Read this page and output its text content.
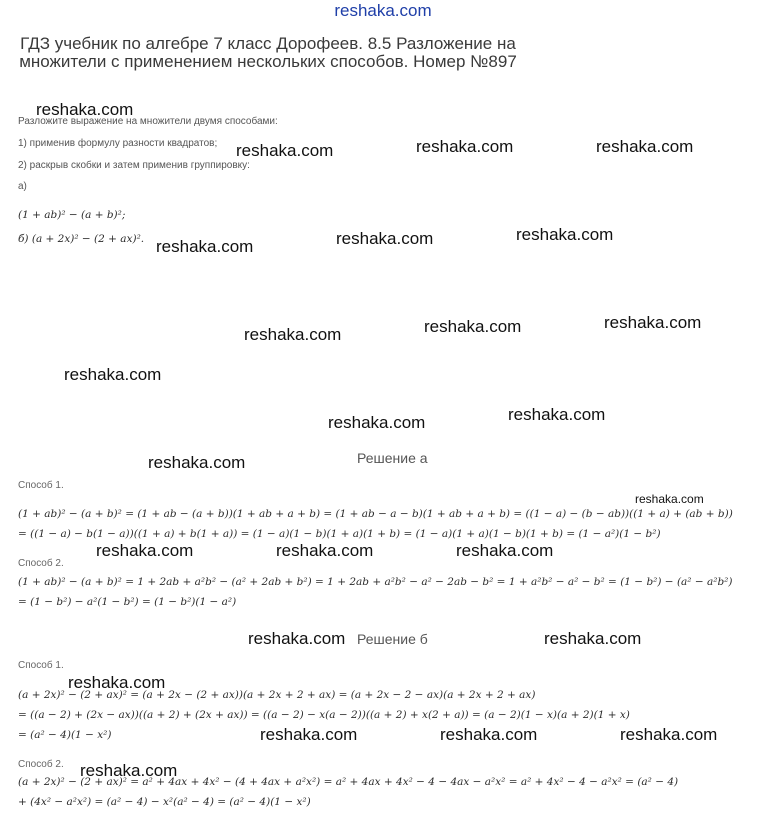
reshaka.com
ГДЗ учебник по алгебре 7 класс Дорофеев. 8.5 Разложение на множители с применением нескольких способов. Номер №897
Разложите выражение на множители двумя способами:
1) применив формулу разности квадратов;
2) раскрыв скобки и затем применив группировку:
а)
(1 + ab)² − (a + b)²;
б) (a + 2x)² − (2 + ax)².
Решение а
Способ 1.
(1 + ab)² − (a + b)² = (1 + ab − (a + b))(1 + ab + a + b) = (1 + ab − a − b)(1 + ab + a + b) = ((1 − a) − (b − ab))((1 + a) + (ab + b))
= ((1 − a) − b(1 − a))((1 + a) + b(1 + a)) = (1 − a)(1 − b)(1 + a)(1 + b) = (1 − a)(1 + a)(1 − b)(1 + b) = (1 − a²)(1 − b²)
Способ 2.
(1 + ab)² − (a + b)² = 1 + 2ab + a²b² − (a² + 2ab + b²) = 1 + 2ab + a²b² − a² − 2ab − b² = 1 + a²b² − a² − b² = (1 − b²) − (a² − a²b²)
= (1 − b²) − a²(1 − b²) = (1 − b²)(1 − a²)
Решение б
Способ 1.
(a + 2x)² − (2 + ax)² = (a + 2x − (2 + ax))(a + 2x + 2 + ax) = (a + 2x − 2 − ax)(a + 2x + 2 + ax)
= ((a − 2) + (2x − ax))((a + 2) + (2x + ax)) = ((a − 2) − x(a − 2))((a + 2) + x(2 + a)) = (a − 2)(1 − x)(a + 2)(1 + x)
= (a² − 4)(1 − x²)
Способ 2.
(a + 2x)² − (2 + ax)² = a² + 4ax + 4x² − (4 + 4ax + a²x²) = a² + 4ax + 4x² − 4 − 4ax − a²x² = a² + 4x² − 4 − a²x² = (a² − 4)
+ (4x² − a²x²) = (a² − 4) − x²(a² − 4) = (a² − 4)(1 − x²)
reshaka.com
reshaka.com	reshaka.com	reshaka.com
reshaka.com	reshaka.com	reshaka.com
reshaka.com	reshaka.com	reshaka.com
reshaka.com
reshaka.com	reshaka.com
reshaka.com
reshaka.com
reshaka.com	reshaka.com	reshaka.com
reshaka.com	reshaka.com
reshaka.com
reshaka.com	reshaka.com	reshaka.com
reshaka.com
